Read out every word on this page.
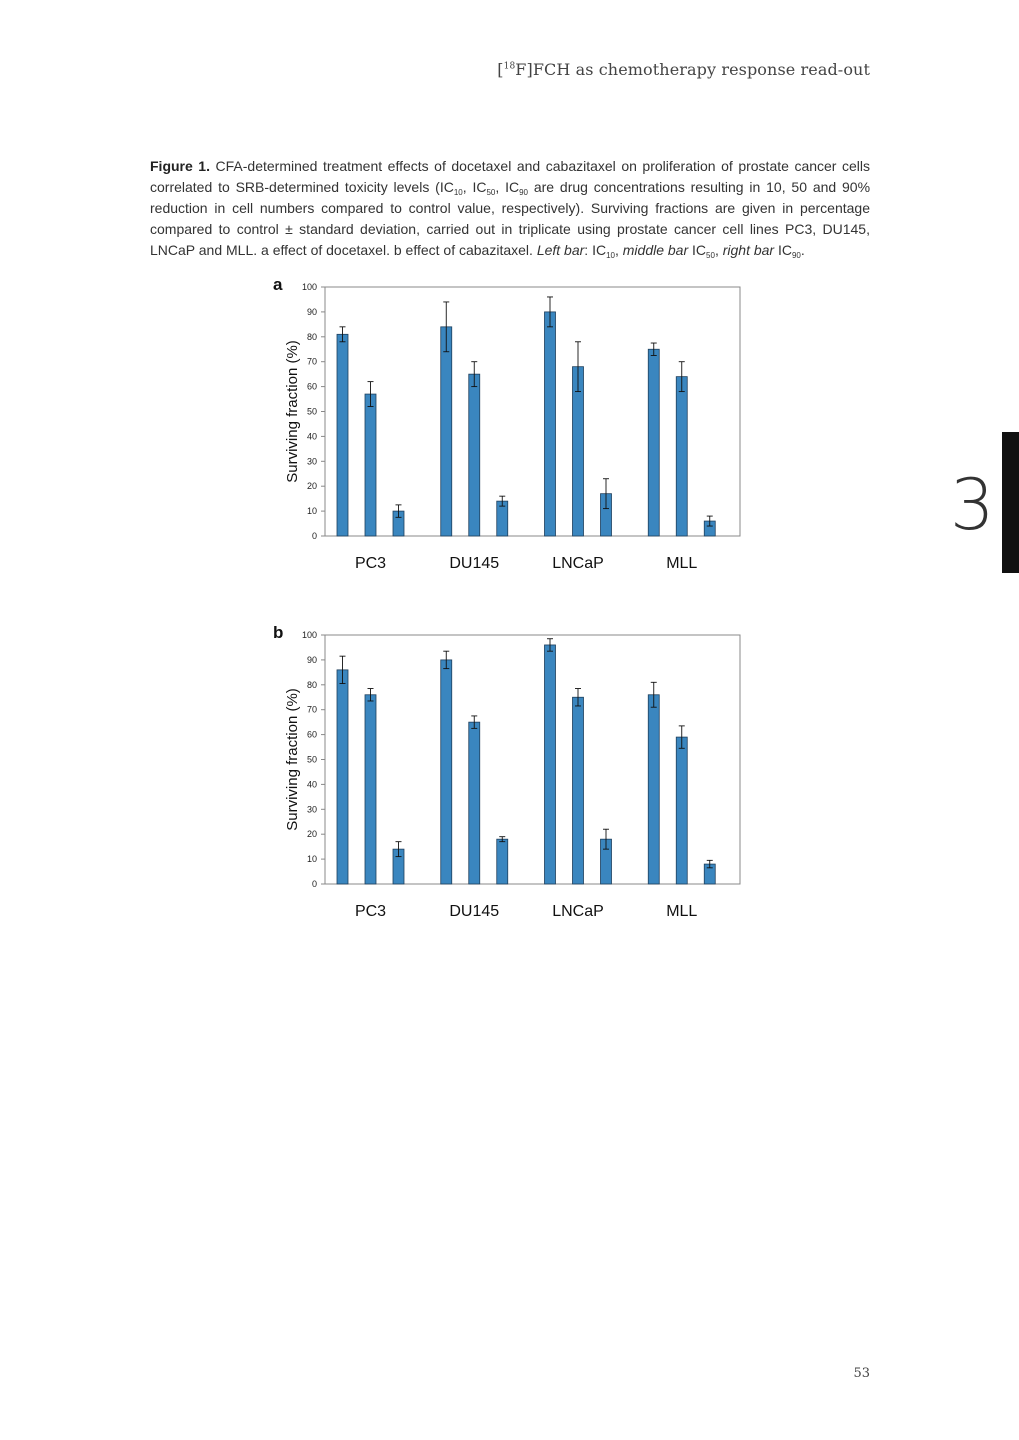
[$^{18}$F]FCH as chemotherapy response read-out

Figure 1. CFA-determined treatment effects of docetaxel and cabazitaxel on proliferation of prostate cancer cells correlated to SRB-determined toxicity levels ($IC_{10}$, $IC_{50}$, $IC_{90}$ are drug concentrations resulting in 10, 50 and 90% reduction in cell numbers compared to control value, respectively). Surviving fractions are given in percentage compared to control ± standard deviation, carried out in triplicate using prostate cancer cell lines PC3, DU145, LNCaP and MLL. a effect of docetaxel. b effect of cabazitaxel. Left bar: $IC_{10}$, middle bar $IC_{50}$, right bar $IC_{90}$.

a
0
10
20
30
40
50
60
70
80
90
100
Surviving fraction (%)
PC3	DU145	LNCaP	MLL
b
0
10
20
30
40
50
60
70
80
90
100
Surviving fraction (%)
PC3	DU145	LNCaP	MLL
3
53
